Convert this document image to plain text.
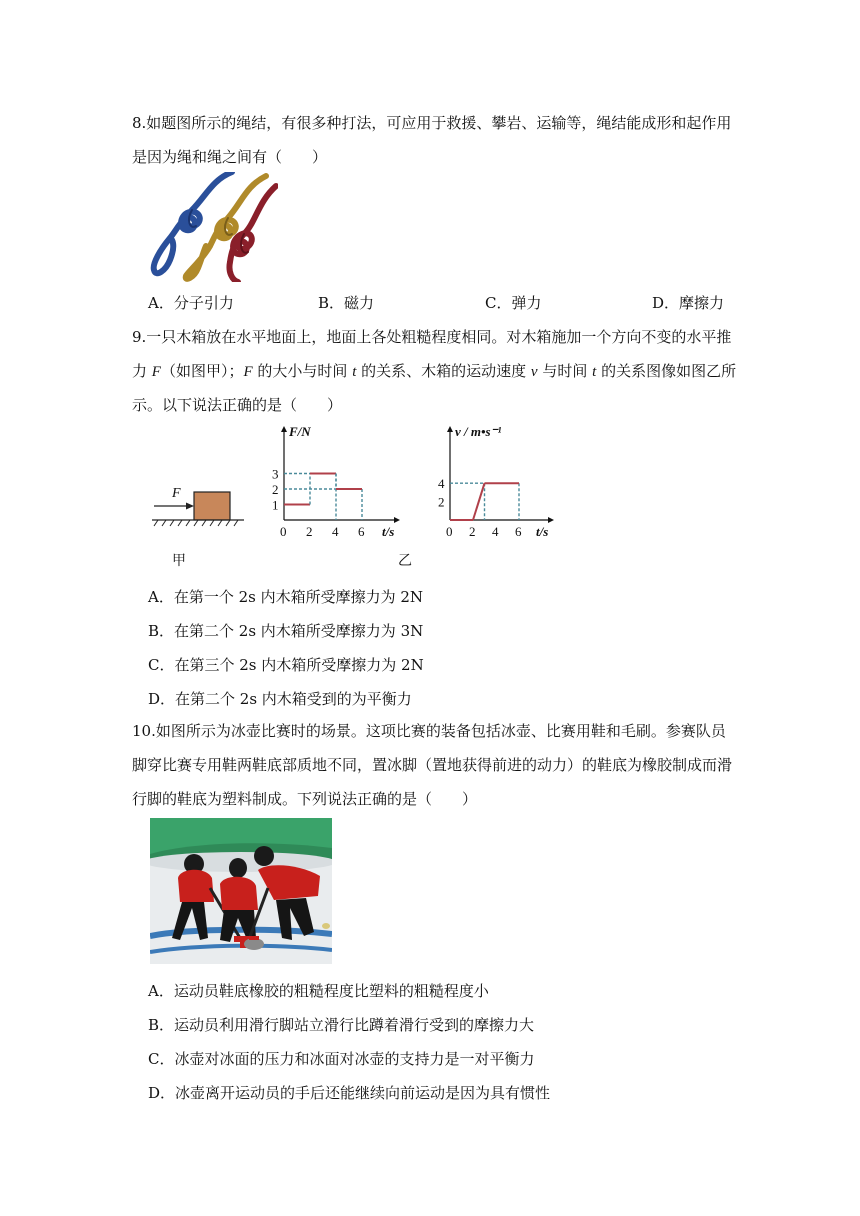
8.如题图所示的绳结，有很多种打法，可应用于救援、攀岩、运输等，绳结能成形和起作用
是因为绳和绳之间有（　　）
A．分子引力	B．磁力	C．弹力	D．摩擦力
9.一只木箱放在水平地面上，地面上各处粗糙程度相同。对木箱施加一个方向不变的水平推
力 F（如图甲）；F 的大小与时间 t 的关系、木箱的运动速度 v 与时间 t 的关系图像如图乙所
示。以下说法正确的是（　　）
F
甲	乙
0 2 4 6
3
2
1
t/s
F/N
0 2 4 6
4
2
t/s
v / m•s⁻¹
A．在第一个 2s 内木箱所受摩擦力为 2N
B．在第二个 2s 内木箱所受摩擦力为 3N
C．在第三个 2s 内木箱所受摩擦力为 2N
D．在第二个 2s 内木箱受到的为平衡力
10.如图所示为冰壶比赛时的场景。这项比赛的装备包括冰壶、比赛用鞋和毛刷。参赛队员
脚穿比赛专用鞋两鞋底部质地不同，置冰脚（置地获得前进的动力）的鞋底为橡胶制成而滑
行脚的鞋底为塑料制成。下列说法正确的是（　　）
A．运动员鞋底橡胶的粗糙程度比塑料的粗糙程度小
B．运动员利用滑行脚站立滑行比蹲着滑行受到的摩擦力大
C．冰壶对冰面的压力和冰面对冰壶的支持力是一对平衡力
D．冰壶离开运动员的手后还能继续向前运动是因为具有惯性
